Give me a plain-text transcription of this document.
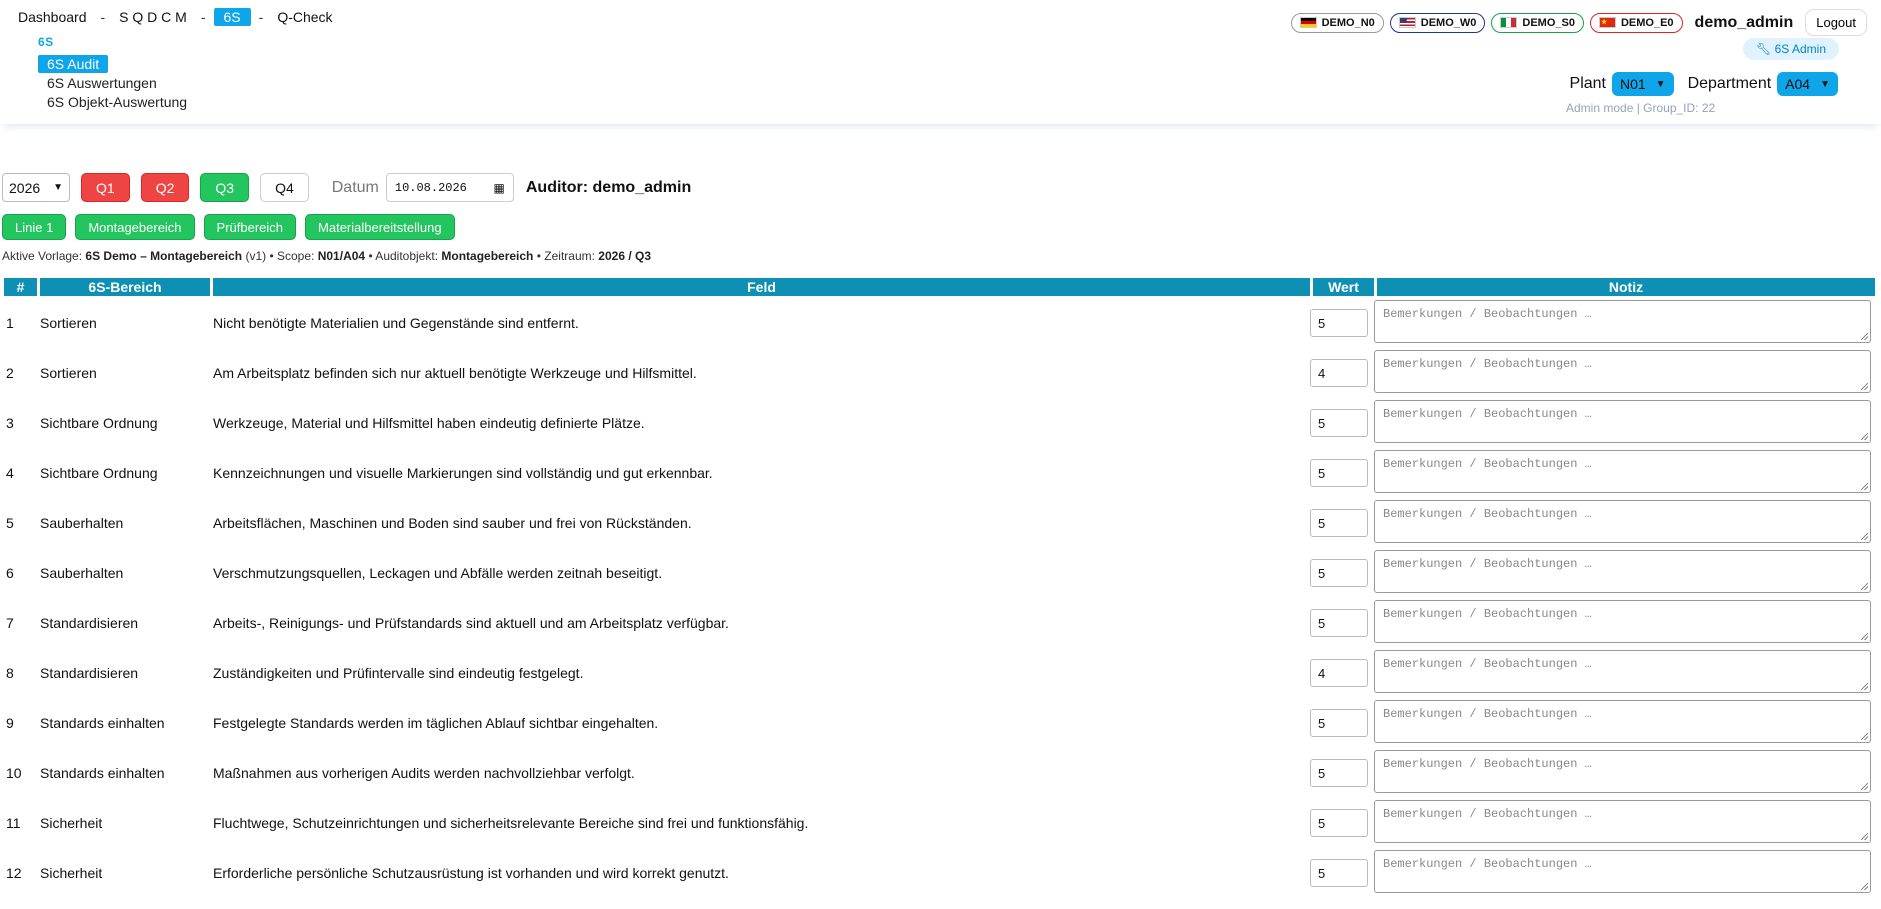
Dashboard	-	S Q D C M	-	6S	-	Q-Check
6S
6S Audit
6S Auswertungen
6S Objekt-Auswertung
DEMO_N0	DEMO_W0	DEMO_S0	★	DEMO_E0 demo_admin	Logout
🔧︎ 6S Admin
Plant N01 ▼ Department A04 ▼
Admin mode | Group_ID: 22
2026 ▼	Q1	Q2	Q3	Q4	Datum 10.08.2026 ▦ Auditor: demo_admin
Linie 1	Montagebereich	Prüfbereich	Materialbereitstellung
Aktive Vorlage: 6S Demo – Montagebereich (v1) • Scope: N01/A04 • Auditobjekt: Montagebereich • Zeitraum: 2026 / Q3
#	6S-Bereich	Feld	Wert	Notiz
1 Sortieren	Nicht benötigte Materialien und Gegenstände sind entfernt.	5
Bemerkungen / Beobachtungen …
2 Sortieren	Am Arbeitsplatz befinden sich nur aktuell benötigte Werkzeuge und Hilfsmittel.	4
Bemerkungen / Beobachtungen …
3 Sichtbare Ordnung	Werkzeuge, Material und Hilfsmittel haben eindeutig definierte Plätze.	5
Bemerkungen / Beobachtungen …
4 Sichtbare Ordnung	Kennzeichnungen und visuelle Markierungen sind vollständig und gut erkennbar.	5
Bemerkungen / Beobachtungen …
5 Sauberhalten	Arbeitsflächen, Maschinen und Boden sind sauber und frei von Rückständen.	5
Bemerkungen / Beobachtungen …
6 Sauberhalten	Verschmutzungsquellen, Leckagen und Abfälle werden zeitnah beseitigt.	5
Bemerkungen / Beobachtungen …
7 Standardisieren	Arbeits-, Reinigungs- und Prüfstandards sind aktuell und am Arbeitsplatz verfügbar.	5
Bemerkungen / Beobachtungen …
8 Standardisieren	Zuständigkeiten und Prüfintervalle sind eindeutig festgelegt.	4
Bemerkungen / Beobachtungen …
9 Standards einhalten	Festgelegte Standards werden im täglichen Ablauf sichtbar eingehalten.	5
Bemerkungen / Beobachtungen …
10 Standards einhalten	Maßnahmen aus vorherigen Audits werden nachvollziehbar verfolgt.	5
Bemerkungen / Beobachtungen …
11 Sicherheit	Fluchtwege, Schutzeinrichtungen und sicherheitsrelevante Bereiche sind frei und funktionsfähig.	5
Bemerkungen / Beobachtungen …
12 Sicherheit	Erforderliche persönliche Schutzausrüstung ist vorhanden und wird korrekt genutzt.	5
Bemerkungen / Beobachtungen …
